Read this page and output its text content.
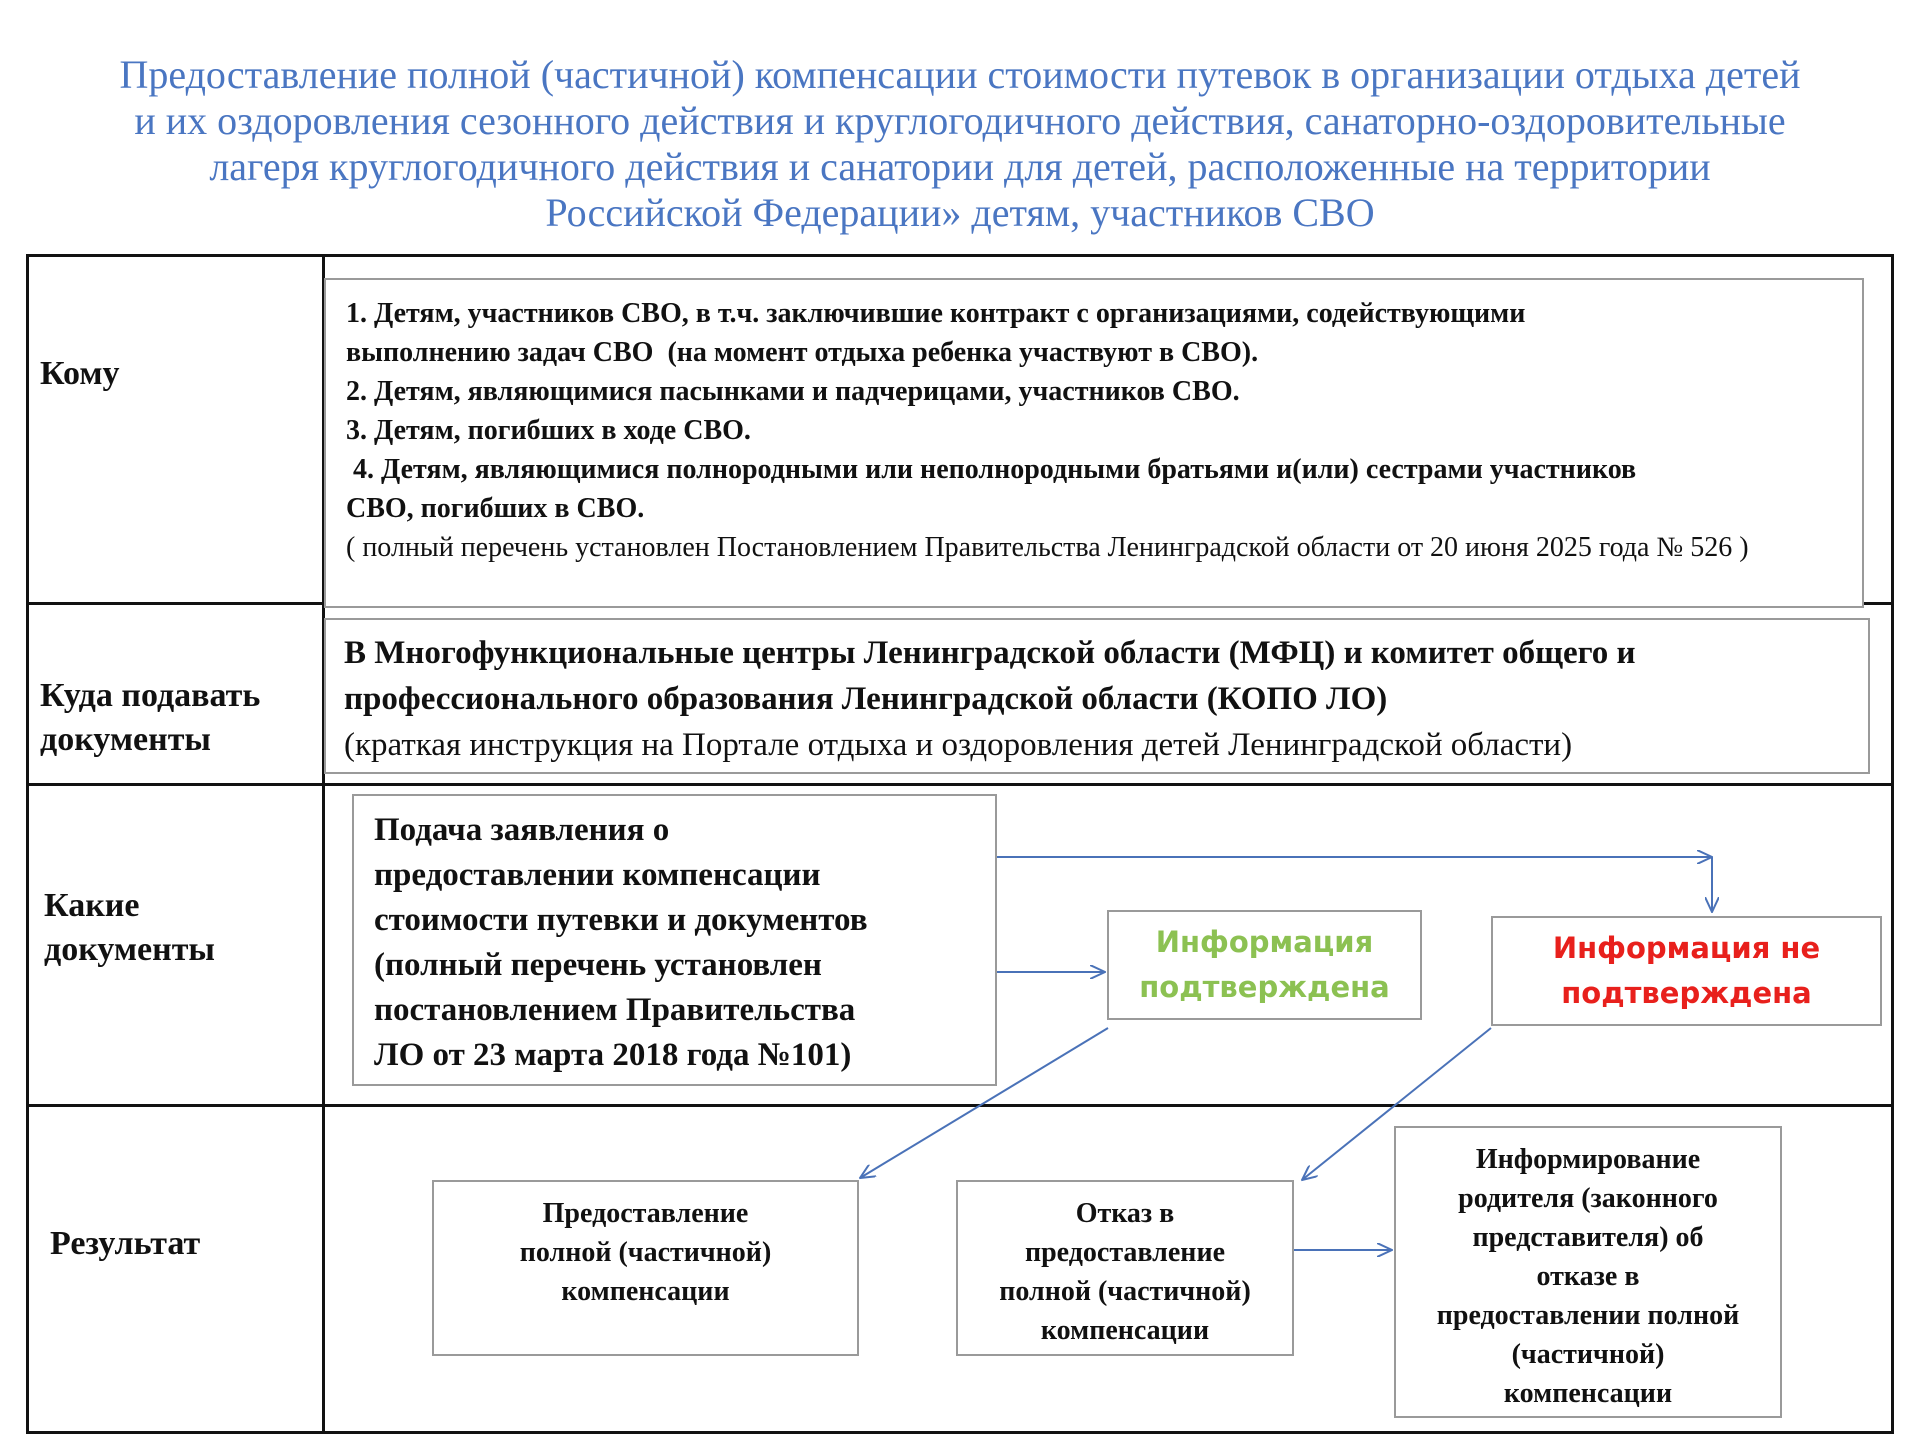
Предоставление полной (частичной) компенсации стоимости путевок в организации отдыха детей
и их оздоровления сезонного действия и круглогодичного действия, санаторно-оздоровительные
лагеря круглогодичного действия и санатории для детей, расположенные на территории
Российской Федерации» детям, участников СВО
Кому
1. Детям, участников СВО, в т.ч. заключившие контракт с организациями, содействующими
выполнению задач СВО  (на момент отдыха ребенка участвуют в СВО).
2. Детям, являющимися пасынками и падчерицами, участников СВО.
3. Детям, погибших в ходе СВО.
4. Детям, являющимися полнородными или неполнородными братьями и(или) сестрами участников
СВО, погибших в СВО.
( полный перечень установлен Постановлением Правительства Ленинградской области от 20 июня 2025 года № 526 )
Куда подавать
документы
В Многофункциональные центры Ленинградской области (МФЦ) и комитет общего и
профессионального образования Ленинградской области (КОПО ЛО)
(краткая инструкция на Портале отдыха и оздоровления детей Ленинградской области)
Какие
документы
Подача заявления о
предоставлении компенсации
стоимости путевки и документов
(полный перечень установлен
постановлением Правительства
ЛО от 23 марта 2018 года №101)
Информация
подтверждена
Информация не
подтверждена
Результат
Предоставление
полной (частичной)
компенсации
Отказ в
предоставление
полной (частичной)
компенсации
Информирование
родителя (законного
представителя) об
отказе в
предоставлении полной
(частичной)
компенсации
